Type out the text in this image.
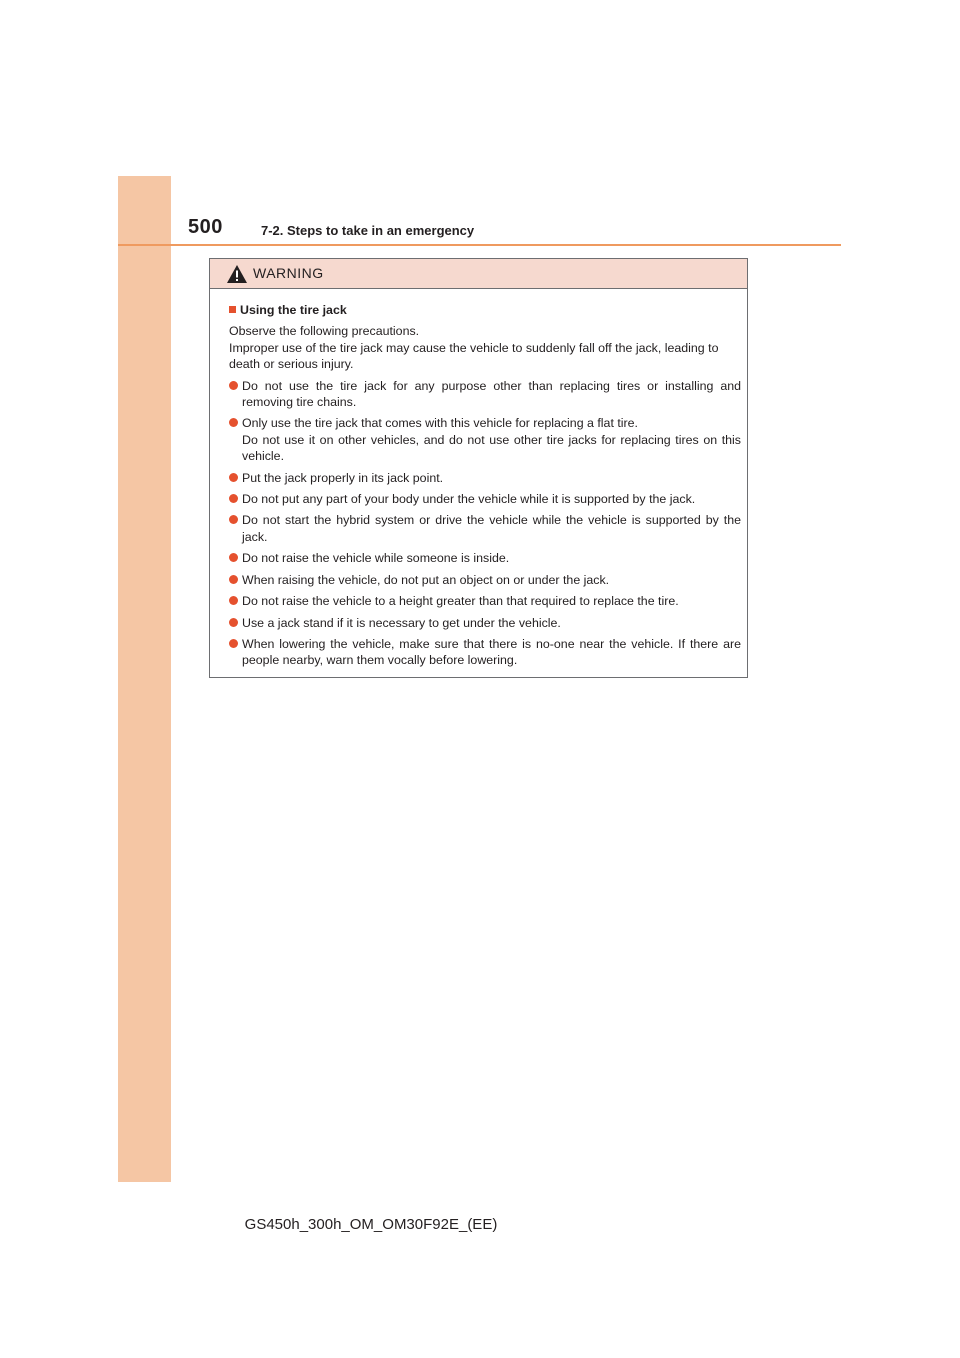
500	7-2. Steps to take in an emergency
WARNING
Using the tire jack
Observe the following precautions.
Improper use of the tire jack may cause the vehicle to suddenly fall off the jack, leading to death or serious injury.
Do not use the tire jack for any purpose other than replacing tires or installing and removing tire chains.
Only use the tire jack that comes with this vehicle for replacing a flat tire.
Do not use it on other vehicles, and do not use other tire jacks for replacing tires on this vehicle.
Put the jack properly in its jack point.
Do not put any part of your body under the vehicle while it is supported by the jack.
Do not start the hybrid system or drive the vehicle while the vehicle is supported by the jack.
Do not raise the vehicle while someone is inside.
When raising the vehicle, do not put an object on or under the jack.
Do not raise the vehicle to a height greater than that required to replace the tire.
Use a jack stand if it is necessary to get under the vehicle.
When lowering the vehicle, make sure that there is no-one near the vehicle. If there are people nearby, warn them vocally before lowering.
GS450h_300h_OM_OM30F92E_(EE)
